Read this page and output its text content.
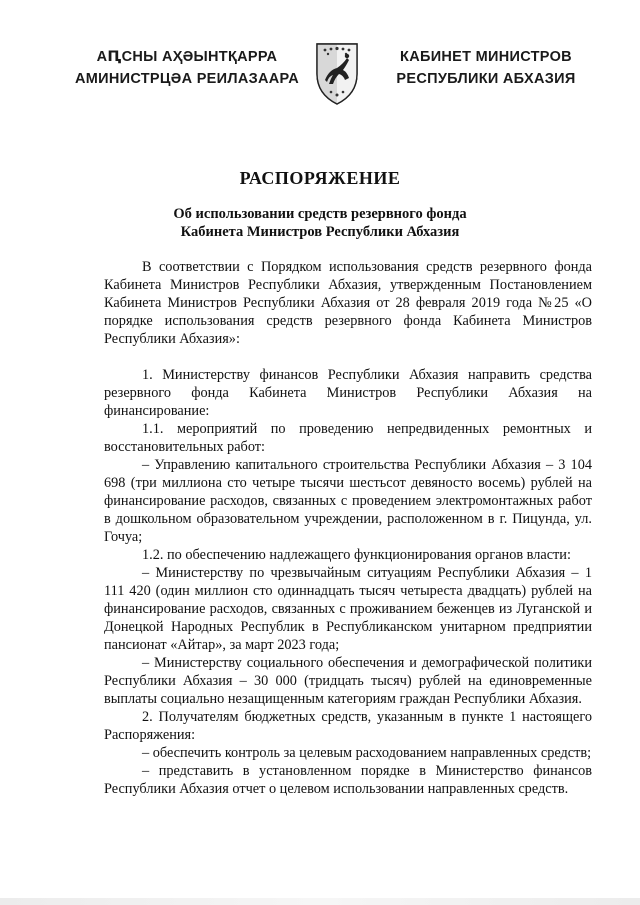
АԤСНЫ АҲӘЫНТҚАРРА
АМИНИСТРЦӘА РЕИЛАЗААРА
КАБИНЕТ МИНИСТРОВ
РЕСПУБЛИКИ АБХАЗИЯ
РАСПОРЯЖЕНИЕ
Об использовании средств резервного фонда
Кабинета Министров Республики Абхазия

В соответствии с Порядком использования средств резервного фонда Кабинета Министров Республики Абхазия, утвержденным Постановлением Кабинета Министров Республики Абхазия от 28 февраля 2019 года №25 «О порядке использования средств резервного фонда Кабинета Министров Республики Абхазия»:

1. Министерству финансов Республики Абхазия направить средства резервного фонда Кабинета Министров Республики Абхазия на финансирование:

1.1. мероприятий по проведению непредвиденных ремонтных и восстановительных работ:

– Управлению капитального строительства Республики Абхазия – 3 104 698 (три миллиона сто четыре тысячи шестьсот девяносто восемь) рублей на финансирование расходов, связанных с проведением электромонтажных работ в дошкольном образовательном учреждении, расположенном в г. Пицунда, ул. Гочуа;

1.2. по обеспечению надлежащего функционирования органов власти:

– Министерству по чрезвычайным ситуациям Республики Абхазия – 1 111 420 (один миллион сто одиннадцать тысяч четыреста двадцать) рублей на финансирование расходов, связанных с проживанием беженцев из Луганской и Донецкой Народных Республик в Республиканском унитарном предприятии пансионат «Айтар», за март 2023 года;

– Министерству социального обеспечения и демографической политики Республики Абхазия – 30 000 (тридцать тысяч) рублей на единовременные выплаты социально незащищенным категориям граждан Республики Абхазия.

2. Получателям бюджетных средств, указанным в пункте 1 настоящего Распоряжения:

– обеспечить контроль за целевым расходованием направленных средств;

– представить в установленном порядке в Министерство финансов Республики Абхазия отчет о целевом использовании направленных средств.
